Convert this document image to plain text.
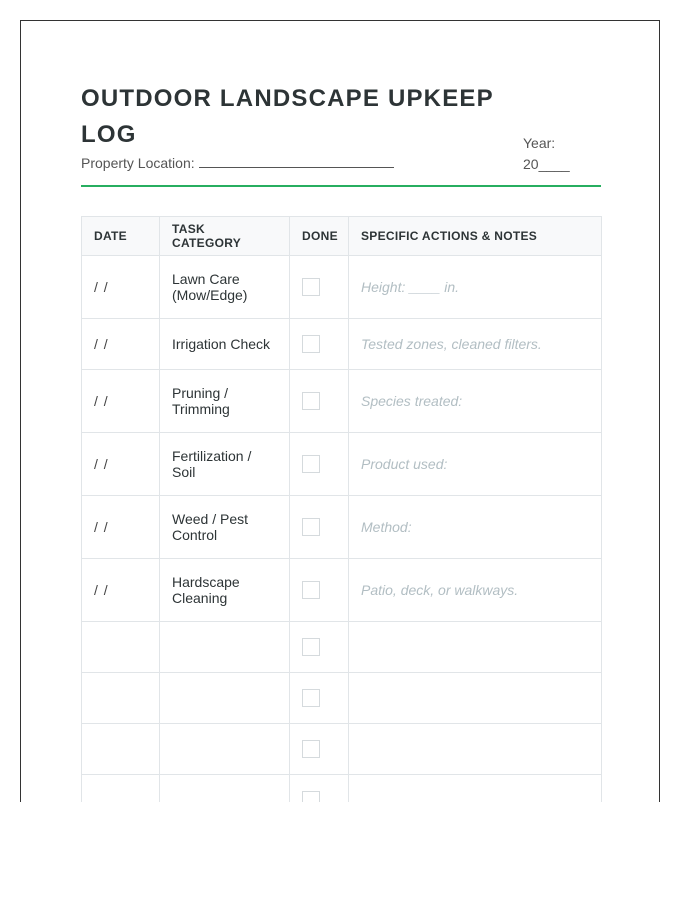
OUTDOOR LANDSCAPE UPKEEP LOG
Property Location:
Year:
20____
DATE	TASK CATEGORY	DONE	SPECIFIC ACTIONS & NOTES
/ /	Lawn Care (Mow/Edge)		Height: ____ in.
/ /	Irrigation Check		Tested zones, cleaned filters.
/ /	Pruning / Trimming		Species treated:
/ /	Fertilization / Soil		Product used:
/ /	Weed / Pest Control		Method:
/ /	Hardscape Cleaning		Patio, deck, or walkways.
